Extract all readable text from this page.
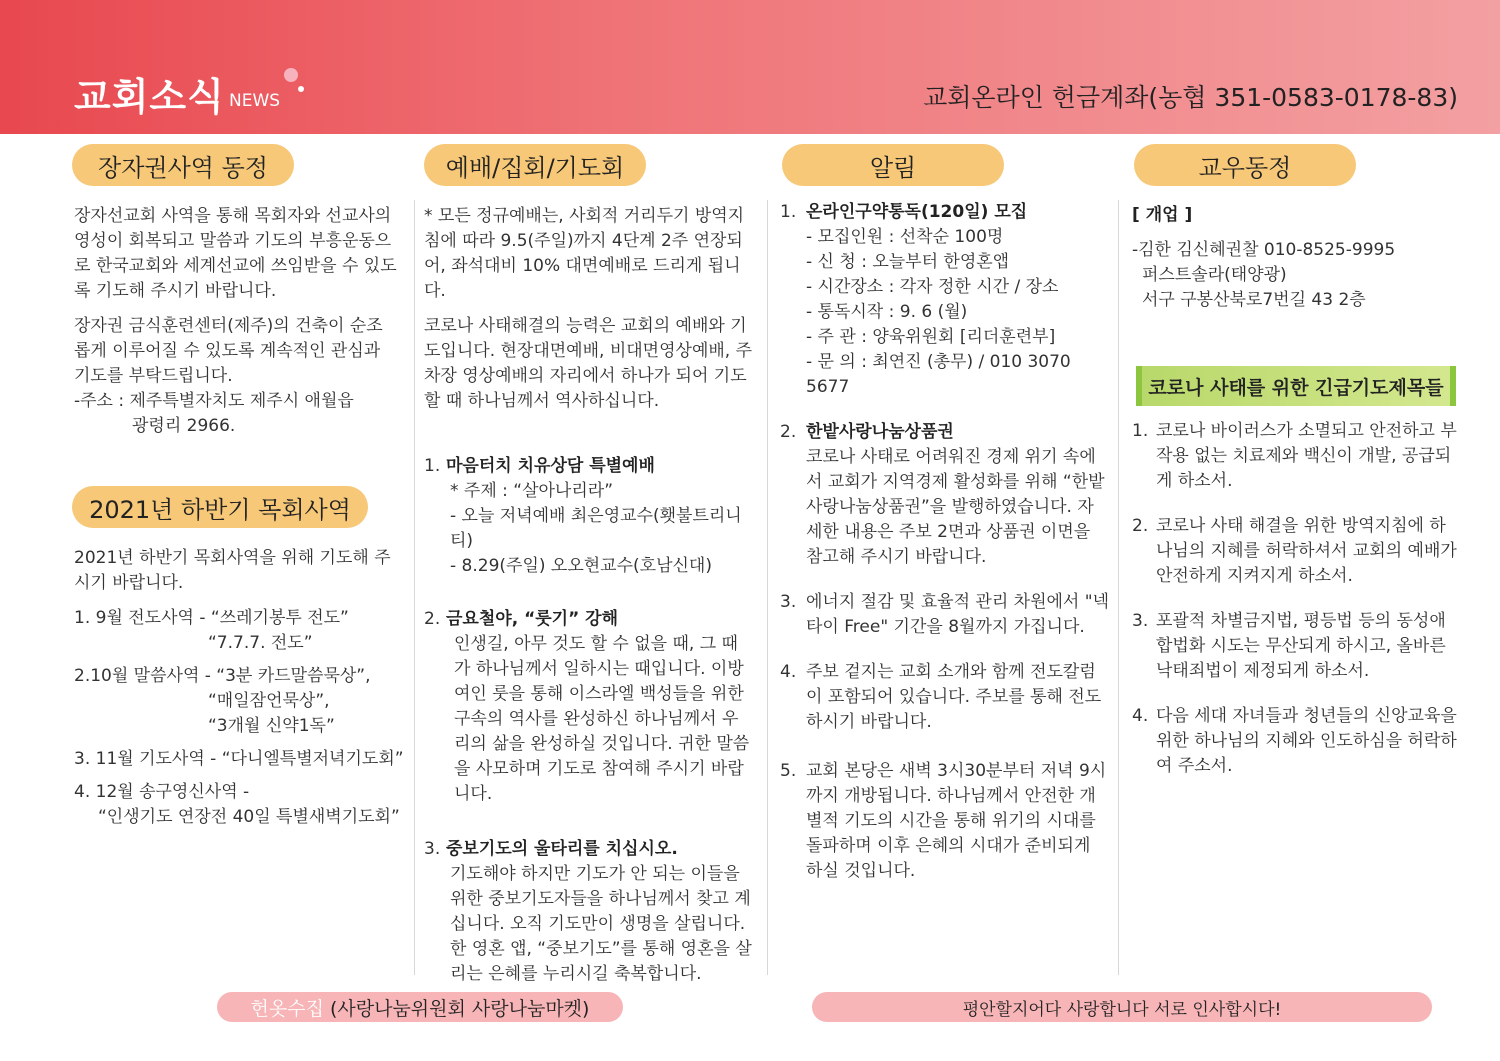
교회소식 NEWS	교회온라인 헌금계좌(농협 351-0583-0178-83)
장자권사역 동정

장자선교회 사역을 통해 목회자와 선교사의 영성이 회복되고 말씀과 기도의 부흥운동으로 한국교회와 세계선교에 쓰임받을 수 있도록 기도해 주시기 바랍니다.

장자권 금식훈련센터(제주)의 건축이 순조롭게 이루어질 수 있도록 계속적인 관심과 기도를 부탁드립니다.

-주소 : 제주특별자치도 제주시 애월읍
광령리 2966.
2021년 하반기 목회사역

2021년 하반기 목회사역을 위해 기도해 주시기 바랍니다.

1. 9월 전도사역 - “쓰레기봉투 전도”
“7.7.7. 전도”
2.10월 말씀사역 - “3분 카드말씀묵상”,
“매일잠언묵상”,
“3개월 신약1독”
3. 11월 기도사역 - “다니엘특별저녁기도회”
4. 12월 송구영신사역 -
“인생기도 연장전 40일 특별새벽기도회”
예배/집회/기도회

* 모든 정규예배는, 사회적 거리두기 방역지침에 따라 9.5(주일)까지 4단계 2주 연장되어, 좌석대비 10% 대면예배로 드리게 됩니다.

코로나 사태해결의 능력은 교회의 예배와 기도입니다. 현장대면예배, 비대면영상예배, 주차장 영상예배의 자리에서 하나가 되어 기도할 때 하나님께서 역사하십니다.

1. 마음터치 치유상담 특별예배
* 주제 : “살아나리라”
- 오늘 저녁예배 최은영교수(횃불트리니티)
- 8.29(주일) 오오현교수(호남신대)
2. 금요철야, “룻기” 강해
인생길, 아무 것도 할 수 없을 때, 그 때가 하나님께서 일하시는 때입니다. 이방 여인 룻을 통해 이스라엘 백성들을 위한 구속의 역사를 완성하신 하나님께서 우리의 삶을 완성하실 것입니다. 귀한 말씀을 사모하며 기도로 참여해 주시기 바랍니다.
3. 중보기도의 울타리를 치십시오.
기도해야 하지만 기도가 안 되는 이들을 위한 중보기도자들을 하나님께서 찾고 계십니다. 오직 기도만이 생명을 살립니다. 한 영혼 앱, “중보기도”를 통해 영혼을 살리는 은혜를 누리시길 축복합니다.
알림
1. 온라인구약통독(120일) 모집
- 모집인원 : 선착순 100명
- 신 청 : 오늘부터 한영혼앱
- 시간장소 : 각자 정한 시간 / 장소
- 통독시작 : 9. 6 (월)
- 주 관 : 양육위원회 [리더훈련부]
- 문 의 : 최연진 (총무) / 010 3070 5677
2. 한밭사랑나눔상품권
코로나 사태로 어려워진 경제 위기 속에서 교회가 지역경제 활성화를 위해 “한밭사랑나눔상품권”을 발행하였습니다. 자세한 내용은 주보 2면과 상품권 이면을 참고해 주시기 바랍니다.
3. 에너지 절감 및 효율적 관리 차원에서 "넥타이 Free" 기간을 8월까지 가집니다.
4. 주보 겉지는 교회 소개와 함께 전도칼럼이 포함되어 있습니다. 주보를 통해 전도하시기 바랍니다.
5. 교회 본당은 새벽 3시30분부터 저녁 9시까지 개방됩니다. 하나님께서 안전한 개별적 기도의 시간을 통해 위기의 시대를 돌파하며 이후 은혜의 시대가 준비되게 하실 것입니다.
교우동정
[ 개업 ]
-김한 김신혜권찰 010-8525-9995
퍼스트솔라(태양광)
서구 구봉산북로7번길 43 2층
코로나 사태를 위한 긴급기도제목들
1. 코로나 바이러스가 소멸되고 안전하고 부작용 없는 치료제와 백신이 개발, 공급되게 하소서.
2. 코로나 사태 해결을 위한 방역지침에 하나님의 지혜를 허락하셔서 교회의 예배가 안전하게 지켜지게 하소서.
3. 포괄적 차별금지법, 평등법 등의 동성애 합법화 시도는 무산되게 하시고, 올바른 낙태죄법이 제정되게 하소서.
4. 다음 세대 자녀들과 청년들의 신앙교육을 위한 하나님의 지혜와 인도하심을 허락하여 주소서.
헌옷수집 (사랑나눔위원회 사랑나눔마켓)	평안할지어다 사랑합니다 서로 인사합시다!
